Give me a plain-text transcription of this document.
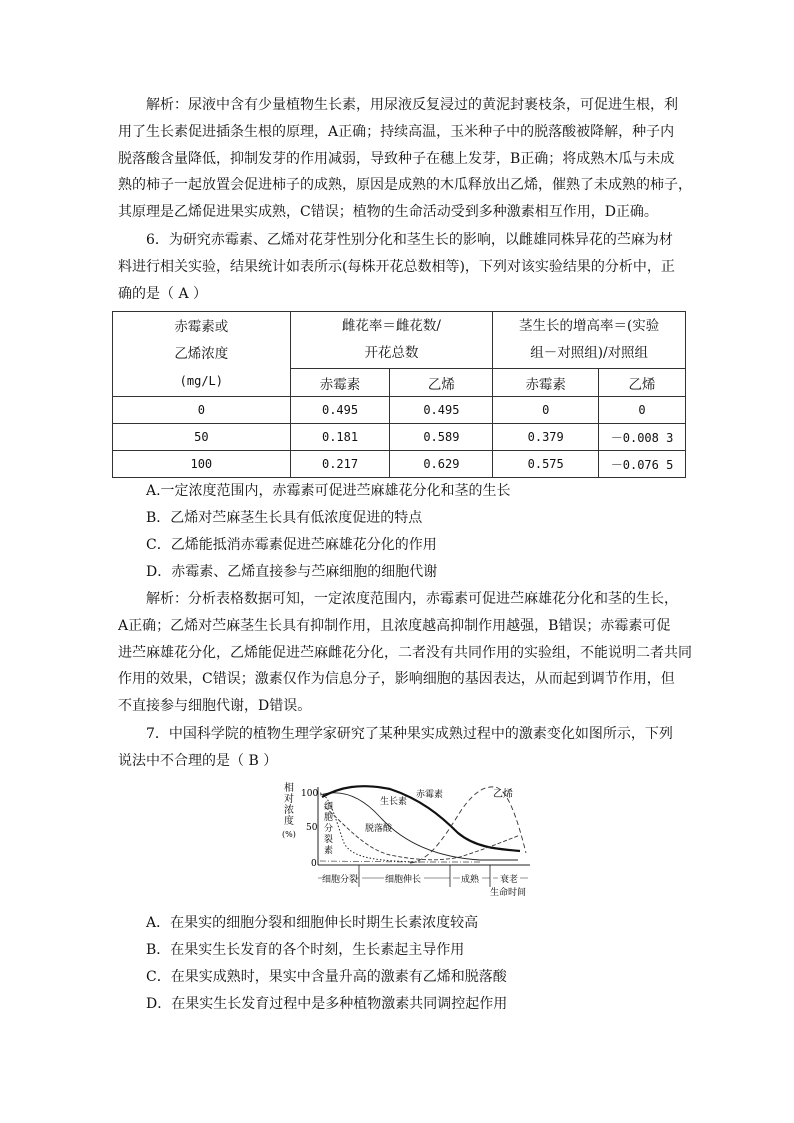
解析：尿液中含有少量植物生长素，用尿液反复浸过的黄泥封裹枝条，可促进生根，利
用了生长素促进插条生根的原理，A正确；持续高温，玉米种子中的脱落酸被降解，种子内
脱落酸含量降低，抑制发芽的作用减弱，导致种子在穗上发芽，B正确；将成熟木瓜与未成
熟的柿子一起放置会促进柿子的成熟，原因是成熟的木瓜释放出乙烯，催熟了未成熟的柿子，
其原理是乙烯促进果实成熟，C错误；植物的生命活动受到多种激素相互作用，D正确。
6．为研究赤霉素、乙烯对花芽性别分化和茎生长的影响，以雌雄同株异花的苎麻为材
料进行相关实验，结果统计如表所示(每株开花总数相等)，下列对该实验结果的分析中，正
确的是（ A ）
赤霉素或
乙烯浓度
(mg/L)	雌花率＝雌花数/
开花总数		茎生长的增高率＝(实验
组－对照组)/对照组	

	赤霉素	乙烯	赤霉素	乙烯
0	0.495	0.495	0	0
50	0.181	0.589	0.379	－0.008 3
100	0.217	0.629	0.575	－0.076 5

A.一定浓度范围内，赤霉素可促进苎麻雄花分化和茎的生长

B．乙烯对苎麻茎生长具有低浓度促进的特点

C．乙烯能抵消赤霉素促进苎麻雄花分化的作用

D．赤霉素、乙烯直接参与苎麻细胞的细胞代谢

解析：分析表格数据可知，一定浓度范围内，赤霉素可促进苎麻雄花分化和茎的生长，
A正确；乙烯对苎麻茎生长具有抑制作用，且浓度越高抑制作用越强，B错误；赤霉素可促
进苎麻雄花分化，乙烯能促进苎麻雌花分化，二者没有共同作用的实验组，不能说明二者共同
作用的效果，C错误；激素仅作为信息分子，影响细胞的基因表达，从而起到调节作用，但
不直接参与细胞代谢，D错误。
7．中国科学院的植物生理学家研究了某种果实成熟过程中的激素变化如图所示，下列
说法中不合理的是（ B ）
相 对 浓 度 (%)
100
50
0
细 胞 分 裂 素
生长素
赤霉素
脱落酸
乙烯
细胞分裂	细胞伸长	成熟 衰老
生命时间

A．在果实的细胞分裂和细胞伸长时期生长素浓度较高

B．在果实生长发育的各个时刻，生长素起主导作用

C．在果实成熟时，果实中含量升高的激素有乙烯和脱落酸

D．在果实生长发育过程中是多种植物激素共同调控起作用
